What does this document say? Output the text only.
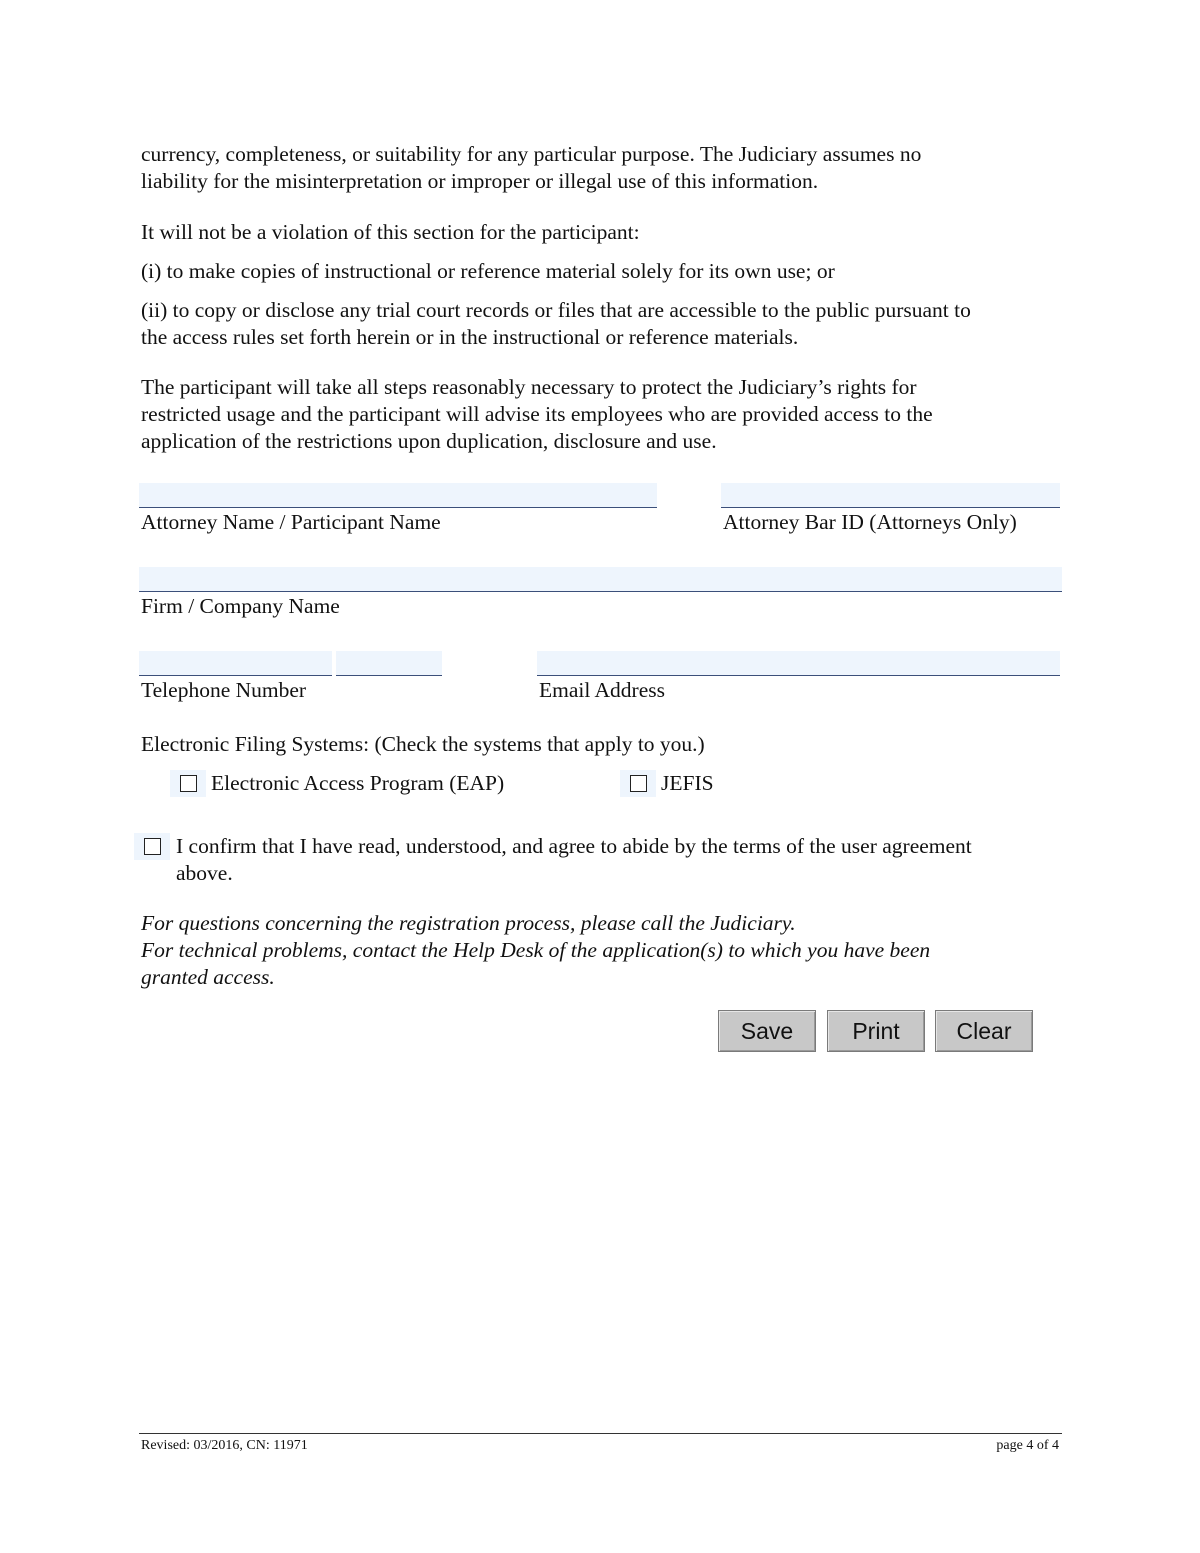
currency, completeness, or suitability for any particular purpose. The Judiciary assumes no
liability for the misinterpretation or improper or illegal use of this information.
It will not be a violation of this section for the participant:
(i) to make copies of instructional or reference material solely for its own use; or
(ii) to copy or disclose any trial court records or files that are accessible to the public pursuant to
the access rules set forth herein or in the instructional or reference materials.
The participant will take all steps reasonably necessary to protect the Judiciary’s rights for
restricted usage and the participant will advise its employees who are provided access to the
application of the restrictions upon duplication, disclosure and use.
Attorney Name / Participant Name	Attorney Bar ID (Attorneys Only)
Firm / Company Name
Telephone Number	Email Address
Electronic Filing Systems: (Check the systems that apply to you.)
Electronic Access Program (EAP)	JEFIS
I confirm that I have read, understood, and agree to abide by the terms of the user agreement
above.
For questions concerning the registration process, please call the Judiciary.
For technical problems, contact the Help Desk of the application(s) to which you have been
granted access.
Save	Print	Clear
Revised: 03/2016, CN: 11971	page 4 of 4
